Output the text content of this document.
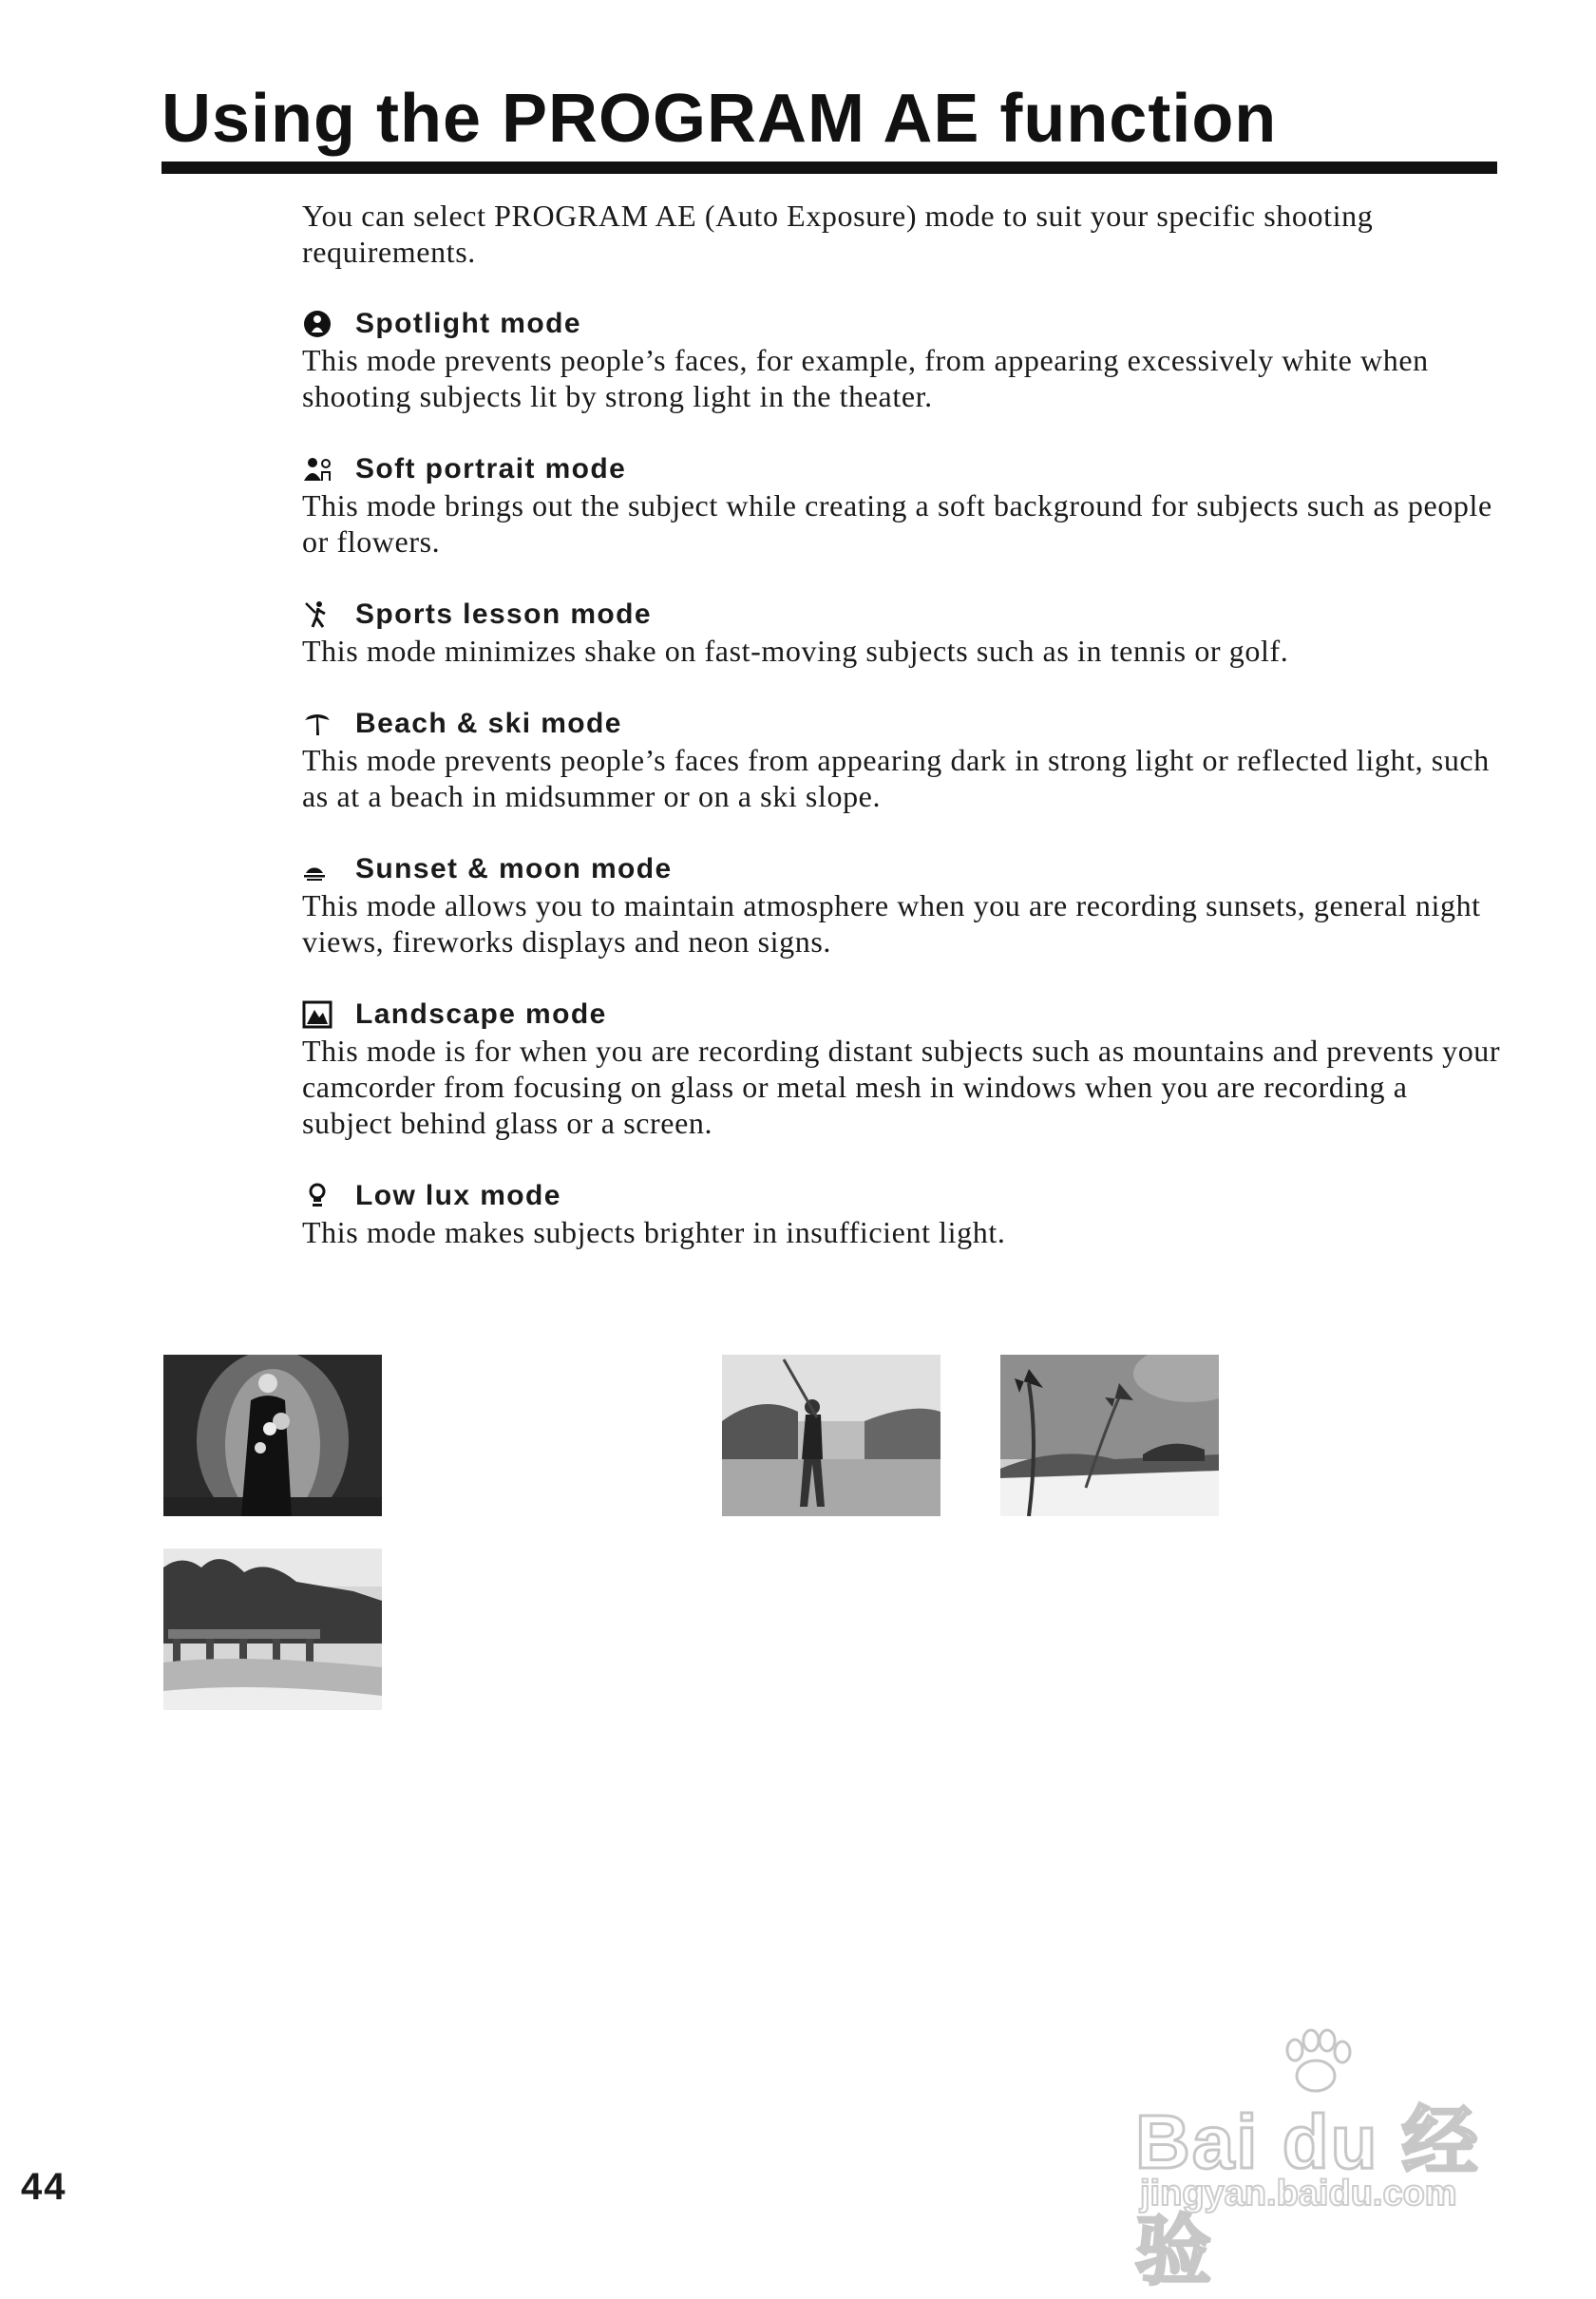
Using the PROGRAM AE function

You can select PROGRAM AE (Auto Exposure) mode to suit your specific shooting requirements.

Spotlight mode

This mode prevents people’s faces, for example, from appearing excessively white when shooting subjects lit by strong light in the theater.

Soft portrait mode

This mode brings out the subject while creating a soft background for subjects such as people or flowers.

Sports lesson mode

This mode minimizes shake on fast-moving subjects such as in tennis or golf.

Beach & ski mode

This mode prevents people’s faces from appearing dark in strong light or reflected light, such as at a beach in midsummer or on a ski slope.

Sunset & moon mode

This mode allows you to maintain atmosphere when you are recording sunsets, general night views, fireworks displays and neon signs.

Landscape mode

This mode is for when you are recording distant subjects such as mountains and prevents your camcorder from focusing on glass or metal mesh in windows when you are recording a subject behind glass or a screen.

Low lux mode

This mode makes subjects brighter in insufficient light.

44
Bai du 经验
jingyan.baidu.com
